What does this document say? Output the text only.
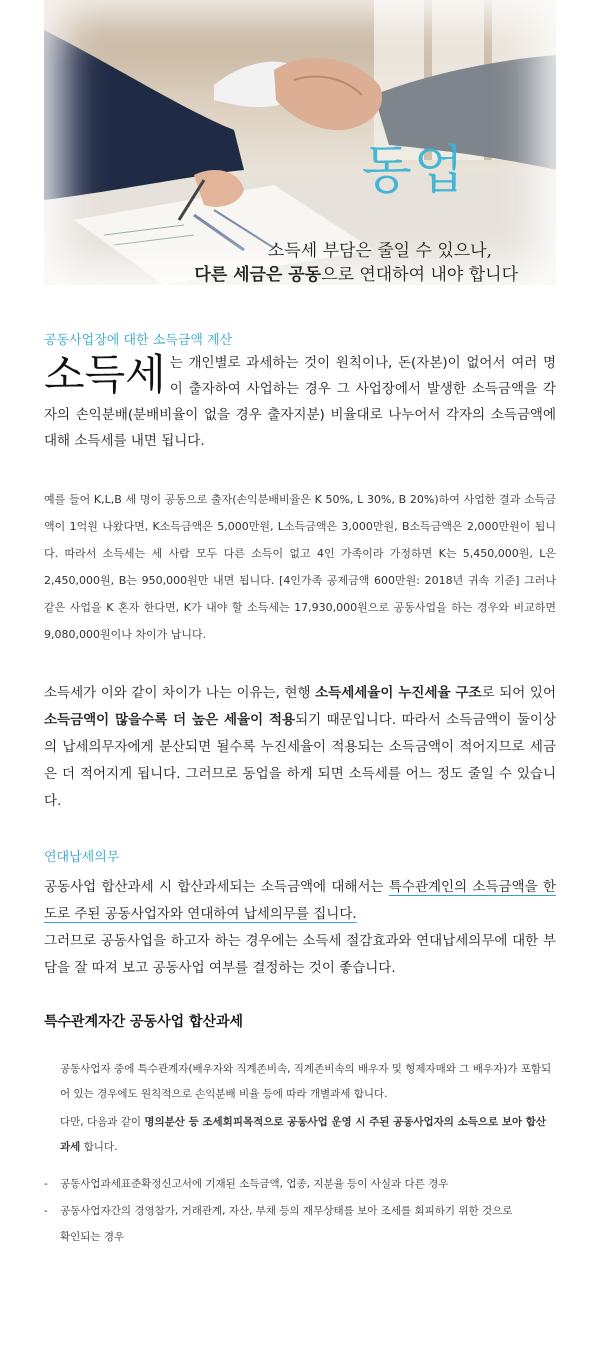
동업
소득세 부담은 줄일 수 있으나,
다른 세금은 공동으로 연대하여 내야 합니다
공동사업장에 대한 소득금액 계산

소득세 는 개인별로 과세하는 것이 원칙이나, 돈(자본)이 없어서 여러 명이 출자하여 사업하는 경우 그 사업장에서 발생한 소득금액을 각자의 손익분배(분배비율이 없을 경우 출자지분) 비율대로 나누어서 각자의 소득금액에 대해 소득세를 내면 됩니다.

예를 들어 K,L,B 세 명이 공동으로 출자(손익분배비율은 K 50%, L 30%, B 20%)하여 사업한 결과 소득금액이 1억원 나왔다면, K소득금액은 5,000만원, L소득금액은 3,000만원, B소득금액은 2,000만원이 됩니다. 따라서 소득세는 세 사람 모두 다른 소득이 없고 4인 가족이라 가정하면 K는 5,450,000원, L은 2,450,000원, B는 950,000원만 내면 됩니다. [4인가족 공제금액 600만원: 2018년 귀속 기준] 그러나 같은 사업을 K 혼자 한다면, K가 내야 할 소득세는 17,930,000원으로 공동사업을 하는 경우와 비교하면 9,080,000원이나 차이가 납니다.

소득세가 이와 같이 차이가 나는 이유는, 현행 소득세세율이 누진세율 구조로 되어 있어 소득금액이 많을수록 더 높은 세율이 적용되기 때문입니다. 따라서 소득금액이 둘이상의 납세의무자에게 분산되면 될수록 누진세율이 적용되는 소득금액이 적어지므로 세금은 더 적어지게 됩니다. 그러므로 동업을 하게 되면 소득세를 어느 정도 줄일 수 있습니다.

연대납세의무

공동사업 합산과세 시 합산과세되는 소득금액에 대해서는 특수관계인의 소득금액을 한도로 주된 공동사업자와 연대하여 납세의무를 집니다.

그러므로 공동사업을 하고자 하는 경우에는 소득세 절감효과와 연대납세의무에 대한 부담을 잘 따져 보고 공동사업 여부를 결정하는 것이 좋습니다.

특수관계자간 공동사업 합산과세

공동사업자 중에 특수관계자(배우자와 직계존비속, 직계존비속의 배우자 및 형제자매와 그 배우자)가 포함되어 있는 경우에도 원칙적으로 손익분배 비율 등에 따라 개별과세 합니다.

다만, 다음과 같이 명의분산 등 조세회피목적으로 공동사업 운영 시 주된 공동사업자의 소득으로 보아 합산과세 합니다.

- 공동사업과세표준확정신고서에 기재된 소득금액, 업종, 지분율 등이 사실과 다른 경우

- 공동사업자간의 경영참가, 거래관계, 자산, 부채 등의 재무상태를 보아 조세를 회피하기 위한 것으로
확인되는 경우
